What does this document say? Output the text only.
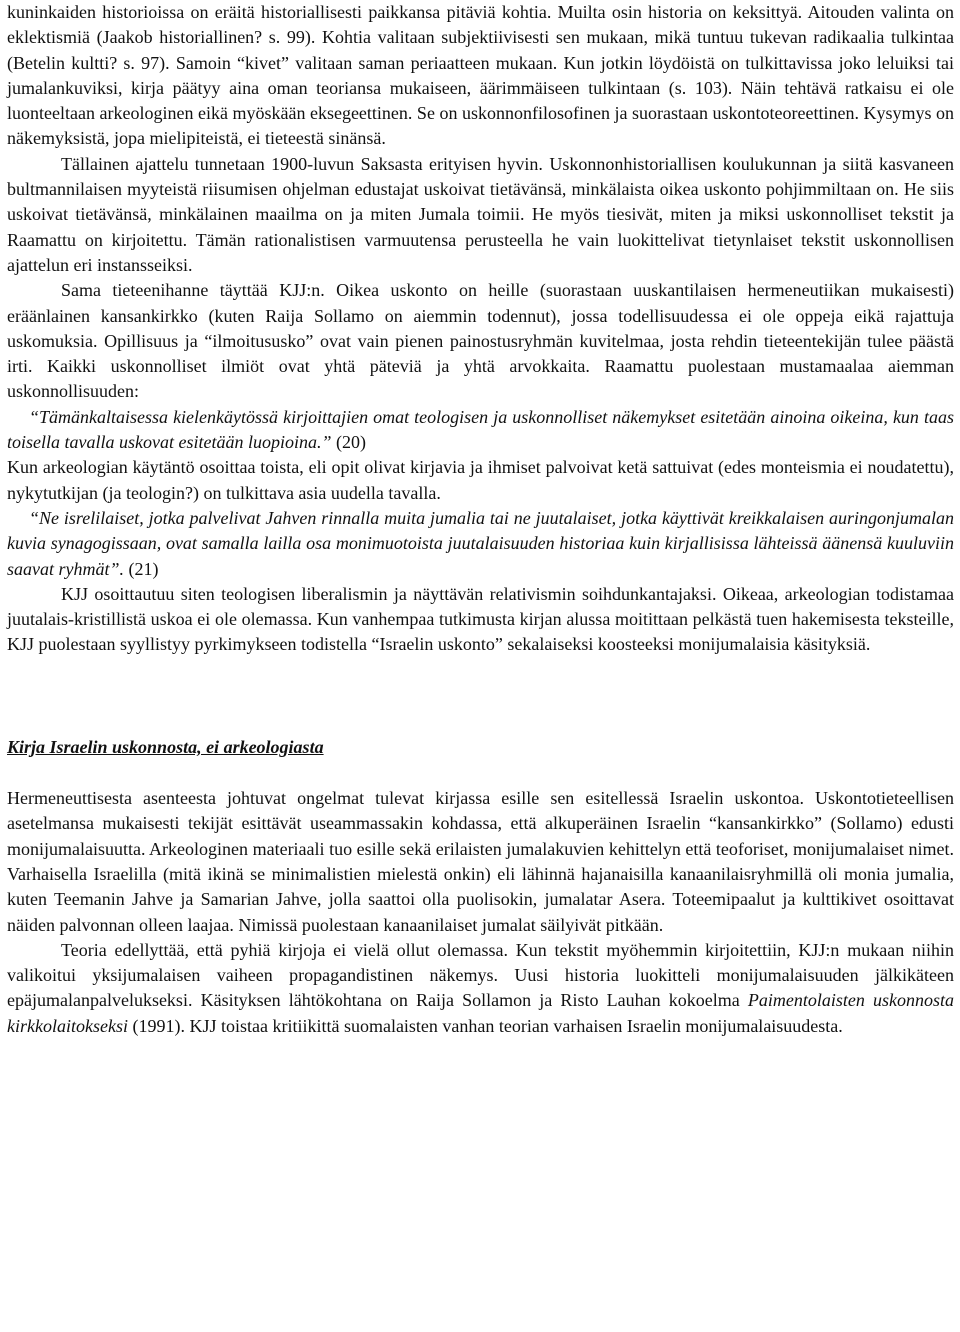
kuninkaiden historioissa on eräitä historiallisesti paikkansa pitäviä kohtia. Muilta osin historia on keksittyä. Aitouden valinta on eklektismiä (Jaakob historiallinen? s. 99). Kohtia valitaan subjektiivisesti sen mukaan, mikä tuntuu tukevan radikaalia tulkintaa (Betelin kultti? s. 97). Samoin “kivet” valitaan saman periaatteen mukaan. Kun jotkin löydöistä on tulkittavissa joko leluiksi tai jumalankuviksi, kirja päätyy aina oman teoriansa mukaiseen, äärimmäiseen tulkintaan (s. 103). Näin tehtävä ratkaisu ei ole luonteeltaan arkeologinen eikä myöskään eksegeettinen. Se on uskonnonfilosofinen ja suorastaan uskontoteoreettinen. Kysymys on näkemyksistä, jopa mielipiteistä, ei tieteestä sinänsä.

Tällainen ajattelu tunnetaan 1900-luvun Saksasta erityisen hyvin. Uskonnonhistoriallisen koulukunnan ja siitä kasvaneen bultmannilaisen myyteistä riisumisen ohjelman edustajat uskoivat tietävänsä, minkälaista oikea uskonto pohjimmiltaan on. He siis uskoivat tietävänsä, minkälainen maailma on ja miten Jumala toimii. He myös tiesivät, miten ja miksi uskonnolliset tekstit ja Raamattu on kirjoitettu. Tämän rationalistisen varmuutensa perusteella he vain luokittelivat tietynlaiset tekstit uskonnollisen ajattelun eri instansseiksi.

Sama tieteenihanne täyttää KJJ:n. Oikea uskonto on heille (suorastaan uuskantilaisen hermeneutiikan mukaisesti) eräänlainen kansankirkko (kuten Raija Sollamo on aiemmin todennut), jossa todellisuudessa ei ole oppeja eikä rajattuja uskomuksia. Opillisuus ja “ilmoitususko” ovat vain pienen painostusryhmän kuvitelmaa, josta rehdin tieteentekijän tulee päästä irti. Kaikki uskonnolliset ilmiöt ovat yhtä päteviä ja yhtä arvokkaita. Raamattu puolestaan mustamaalaa aiemman uskonnollisuuden:

“Tämänkaltaisessa kielenkäytössä kirjoittajien omat teologisen ja uskonnolliset näkemykset esitetään ainoina oikeina, kun taas toisella tavalla uskovat esitetään luopioina.” (20)

Kun arkeologian käytäntö osoittaa toista, eli opit olivat kirjavia ja ihmiset palvoivat ketä sattuivat (edes monteismia ei noudatettu), nykytutkijan (ja teologin?) on tulkittava asia uudella tavalla.

“Ne isrelilaiset, jotka palvelivat Jahven rinnalla muita jumalia tai ne juutalaiset, jotka käyttivät kreikkalaisen auringonjumalan kuvia synagogissaan, ovat samalla lailla osa monimuotoista juutalaisuuden historiaa kuin kirjallisissa lähteissä äänensä kuuluviin saavat ryhmät”. (21)

KJJ osoittautuu siten teologisen liberalismin ja näyttävän relativismin soihdunkantajaksi. Oikeaa, arkeologian todistamaa juutalais-kristillistä uskoa ei ole olemassa. Kun vanhempaa tutkimusta kirjan alussa moitittaan pelkästä tuen hakemisesta teksteille, KJJ puolestaan syyllistyy pyrkimykseen todistella “Israelin uskonto” sekalaiseksi koosteeksi monijumalaisia käsityksiä.

Kirja Israelin uskonnosta, ei arkeologiasta

Hermeneuttisesta asenteesta johtuvat ongelmat tulevat kirjassa esille sen esitellessä Israelin uskontoa. Uskontotieteellisen asetelmansa mukaisesti tekijät esittävät useammassakin kohdassa, että alkuperäinen Israelin “kansankirkko” (Sollamo) edusti monijumalaisuutta. Arkeologinen materiaali tuo esille sekä erilaisten jumalakuvien kehittelyn että teoforiset, monijumalaiset nimet. Varhaisella Israelilla (mitä ikinä se minimalistien mielestä onkin) eli lähinnä hajanaisilla kanaanilaisryhmillä oli monia jumalia, kuten Teemanin Jahve ja Samarian Jahve, jolla saattoi olla puolisokin, jumalatar Asera. Toteemipaalut ja kulttikivet osoittavat näiden palvonnan olleen laajaa. Nimissä puolestaan kanaanilaiset jumalat säilyivät pitkään.

Teoria edellyttää, että pyhiä kirjoja ei vielä ollut olemassa. Kun tekstit myöhemmin kirjoitettiin, KJJ:n mukaan niihin valikoitui yksijumalaisen vaiheen propagandistinen näkemys. Uusi historia luokitteli monijumalaisuuden jälkikäteen epäjumalanpalvelukseksi. Käsityksen lähtökohtana on Raija Sollamon ja Risto Lauhan kokoelma Paimentolaisten uskonnosta kirkkolaitokseksi (1991). KJJ toistaa kritiikittä suomalaisten vanhan teorian varhaisen Israelin monijumalaisuudesta.
